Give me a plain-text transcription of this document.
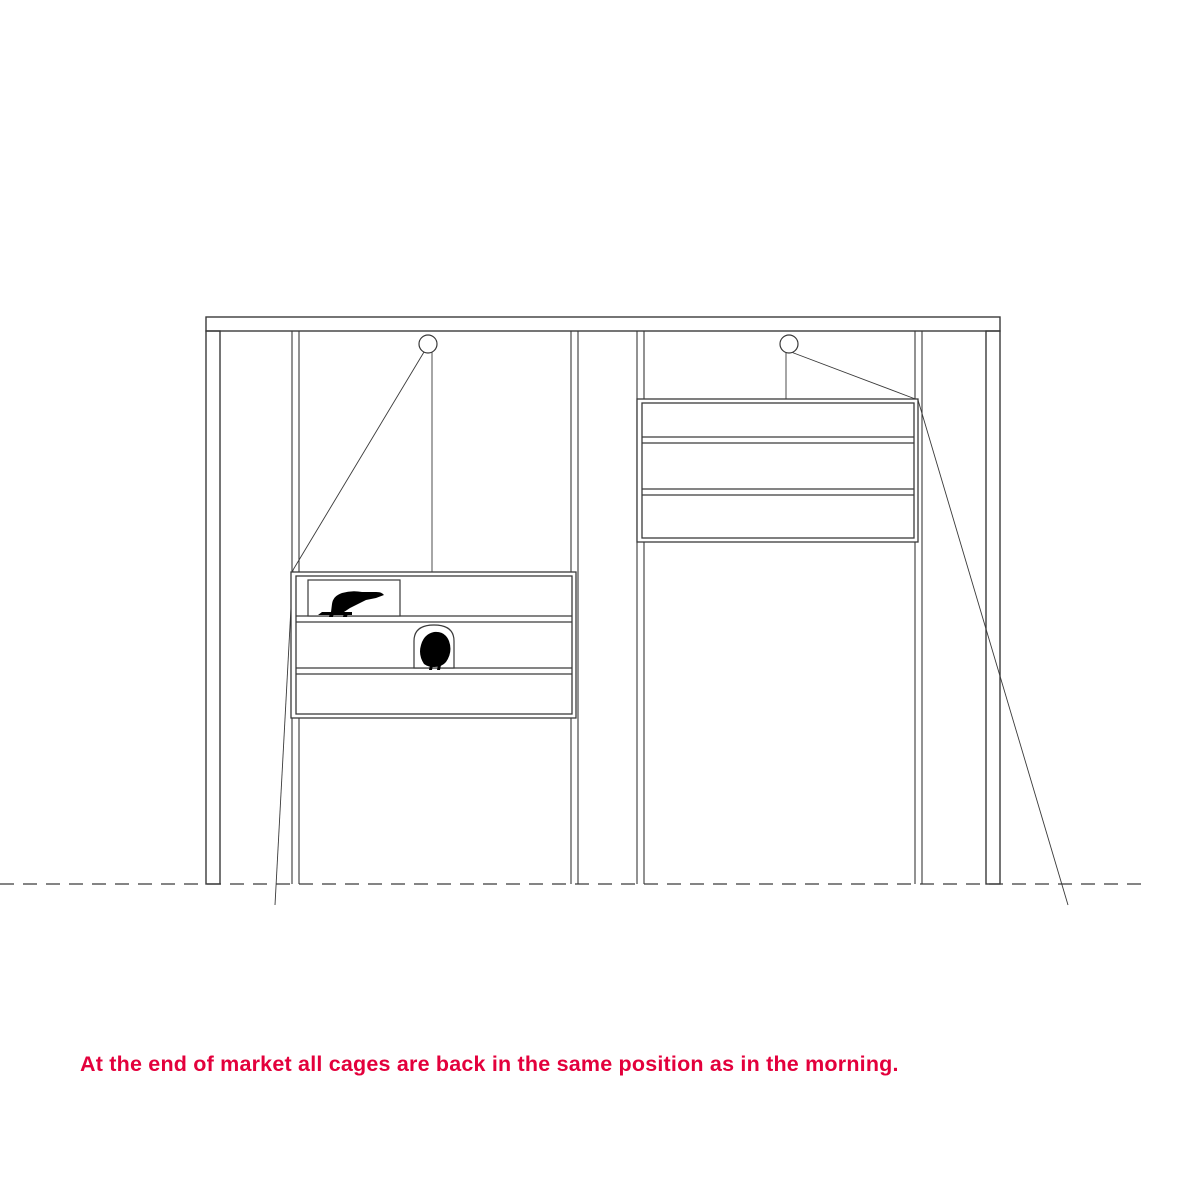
At the end of market all cages are back in the same position as in the morning.
